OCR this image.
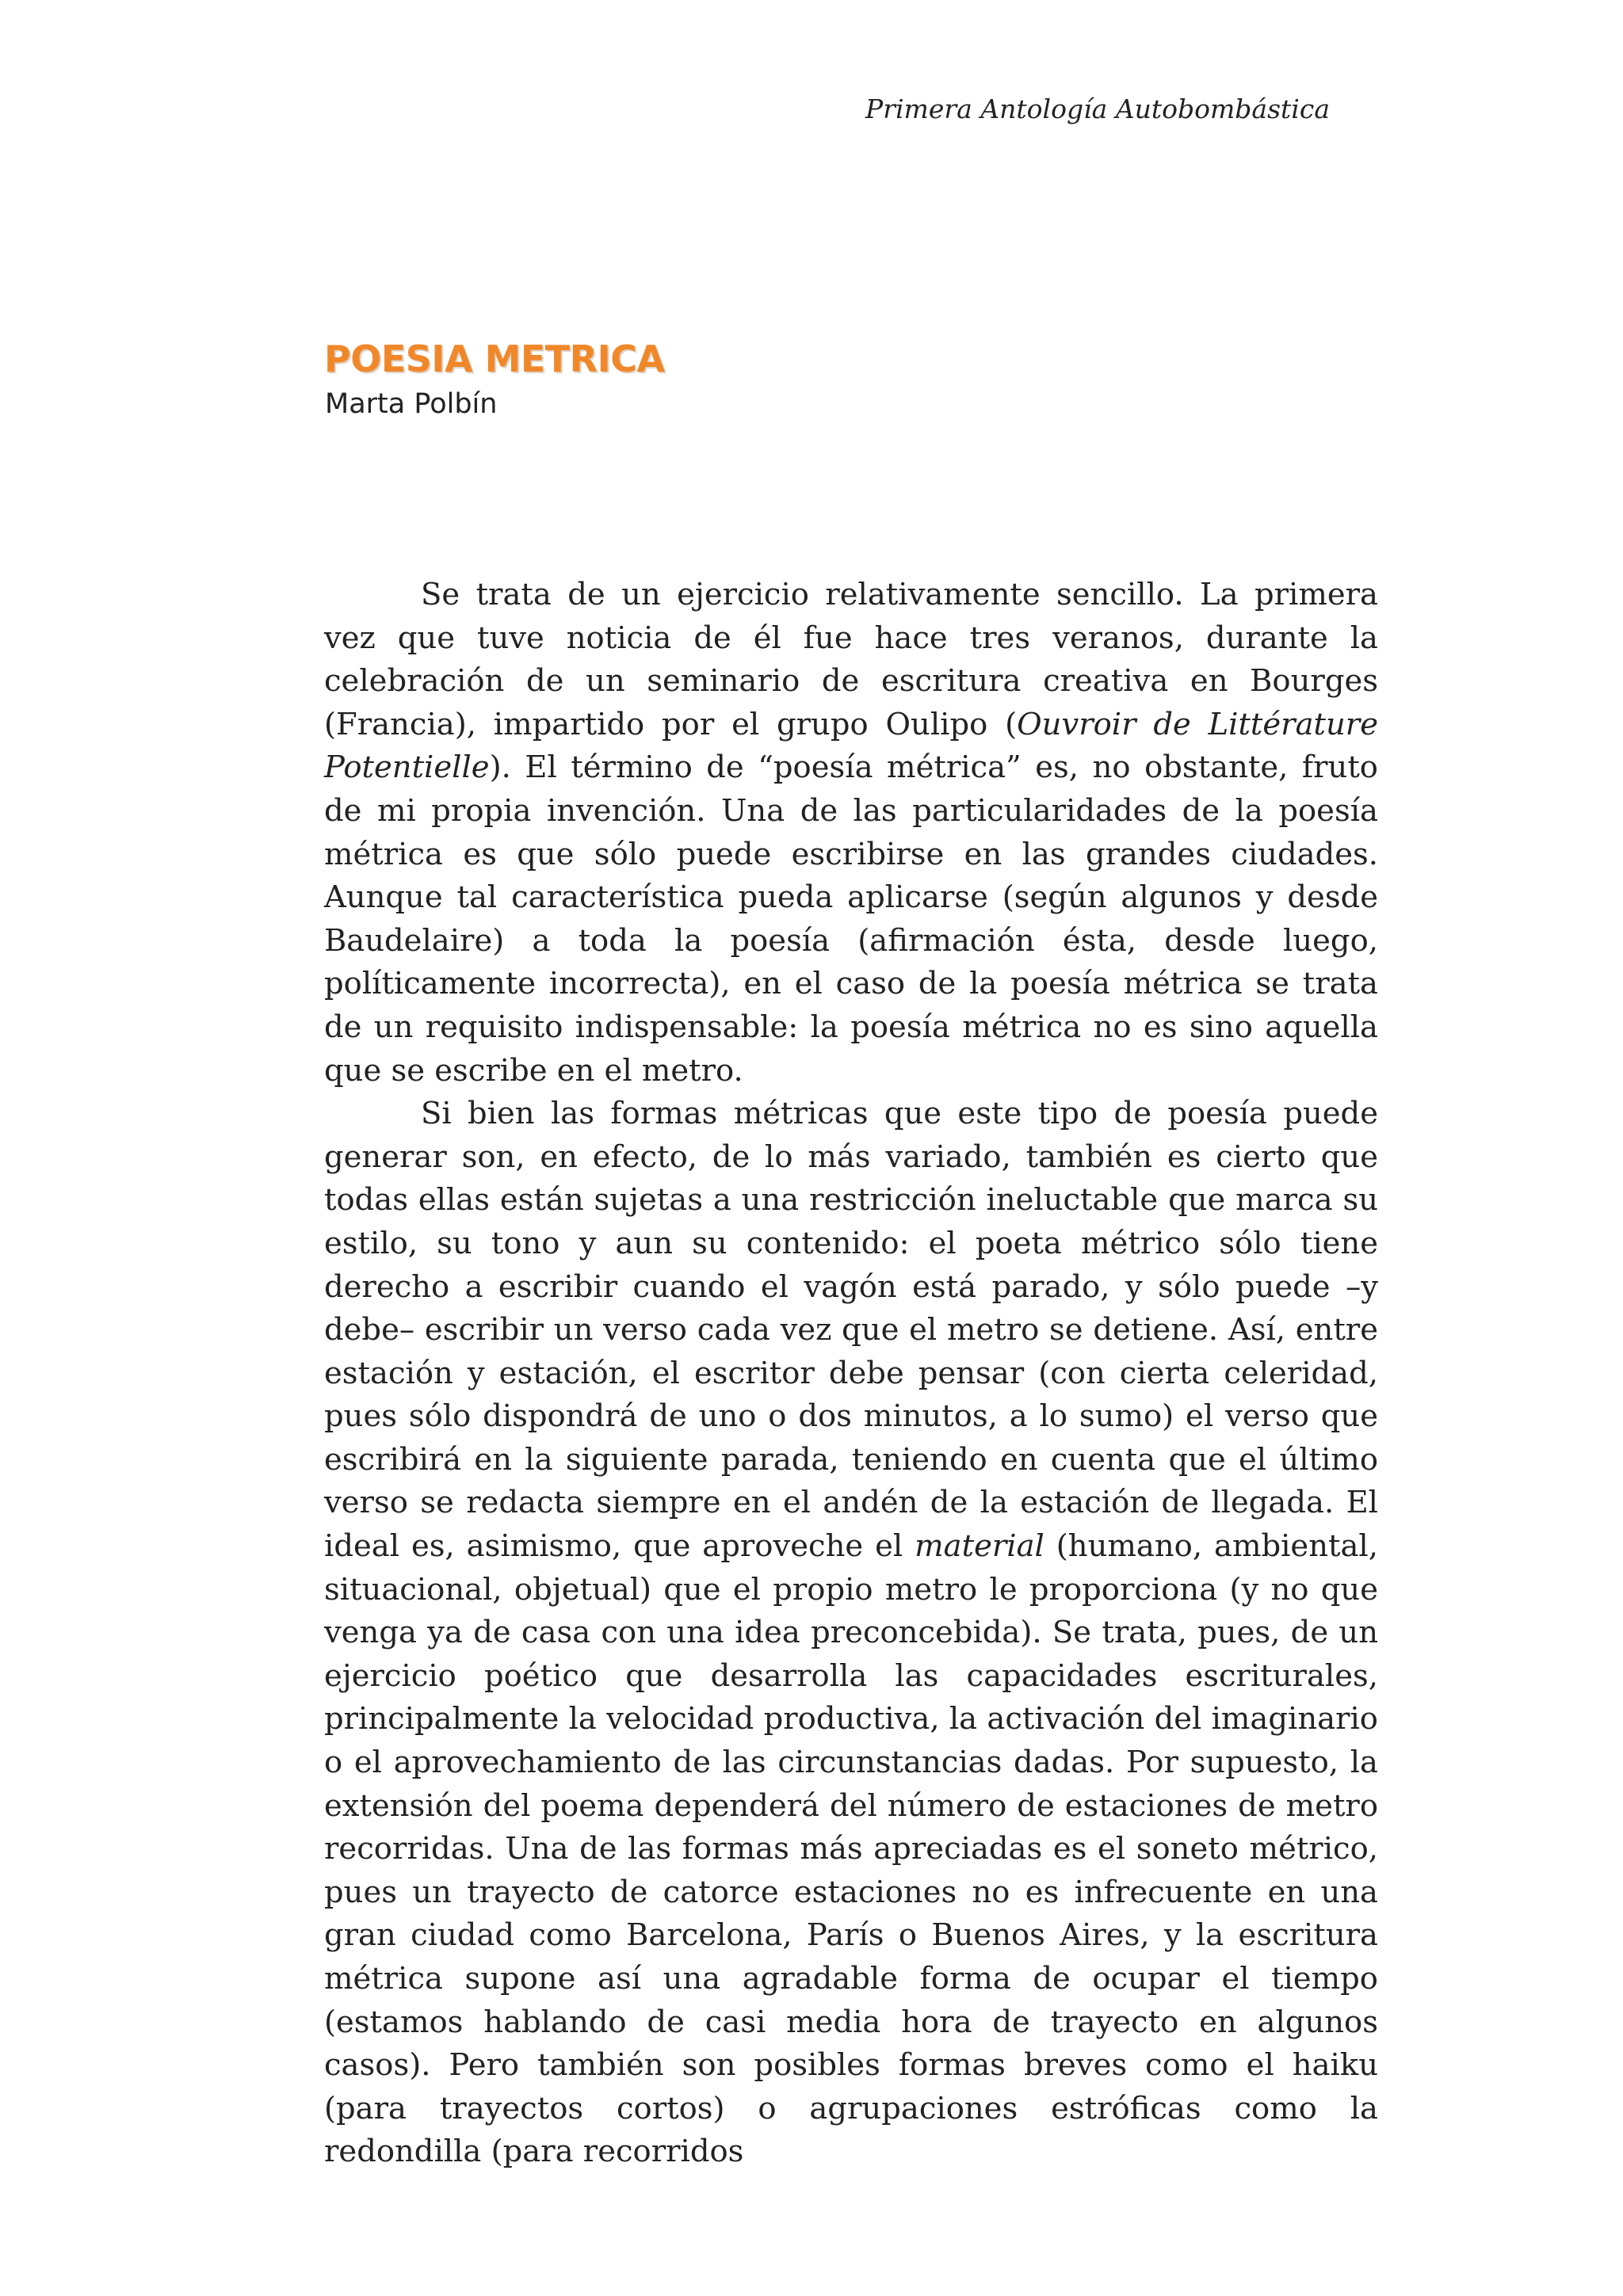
Primera Antología Autobombástica
POESIA METRICA
Marta Polbín

Se trata de un ejercicio relativamente sencillo. La primera vez que tuve noticia de él fue hace tres veranos, durante la celebración de un seminario de escritura creativa en Bourges (Francia), impartido por el grupo Oulipo (Ouvroir de Littérature Potentielle). El término de “poesía métrica” es, no obstante, fruto de mi propia invención. Una de las particularidades de la poesía métrica es que sólo puede escribirse en las grandes ciudades. Aunque tal característica pueda aplicarse (según algunos y desde Baudelaire) a toda la poesía (afirmación ésta, desde luego, políticamente incorrecta), en el caso de la poesía métrica se trata de un requisito indispensable: la poesía métrica no es sino aquella que se escribe en el metro.

Si bien las formas métricas que este tipo de poesía puede generar son, en efecto, de lo más variado, también es cierto que todas ellas están sujetas a una restricción ineluctable que marca su estilo, su tono y aun su contenido: el poeta métrico sólo tiene derecho a escribir cuando el vagón está parado, y sólo puede –y debe– escribir un verso cada vez que el metro se detiene. Así, entre estación y estación, el escritor debe pensar (con cierta celeridad, pues sólo dispondrá de uno o dos minutos, a lo sumo) el verso que escribirá en la siguiente parada, teniendo en cuenta que el último verso se redacta siempre en el andén de la estación de llegada. El ideal es, asimismo, que aproveche el material (humano, ambiental, situacional, objetual) que el propio metro le proporciona (y no que venga ya de casa con una idea preconcebida). Se trata, pues, de un ejercicio poético que desarrolla las capacidades escriturales, principalmente la velocidad productiva, la activación del imaginario o el aprovechamiento de las circunstancias dadas. Por supuesto, la extensión del poema dependerá del número de estaciones de metro recorridas. Una de las formas más apreciadas es el soneto métrico, pues un trayecto de catorce estaciones no es infrecuente en una gran ciudad como Barcelona, París o Buenos Aires, y la escritura métrica supone así una agradable forma de ocupar el tiempo (estamos hablando de casi media hora de trayecto en algunos casos). Pero también son posibles formas breves como el haiku (para trayectos cortos) o agrupaciones estróficas como la redondilla (para recorridos
